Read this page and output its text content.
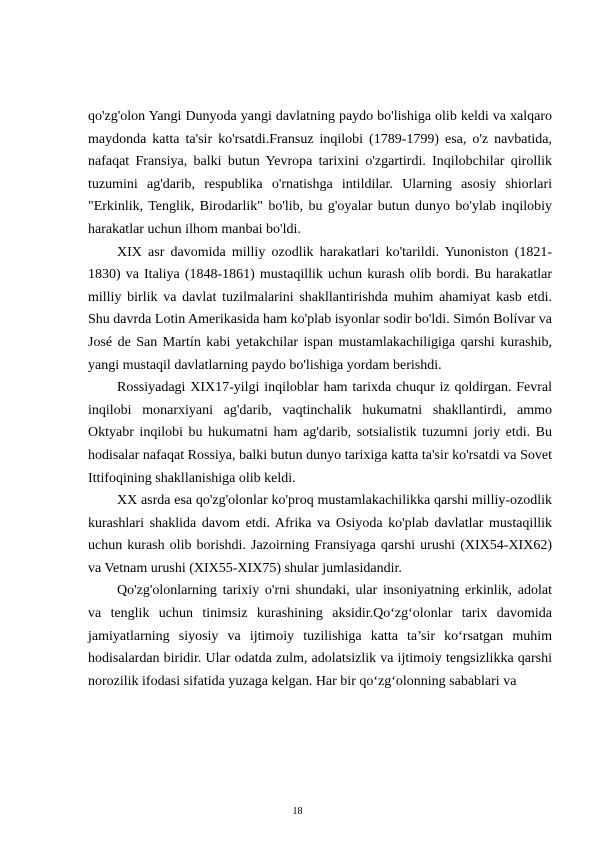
qo'zg'olon Yangi Dunyoda yangi davlatning paydo bo'lishiga olib keldi va xalqaro maydonda katta ta'sir ko'rsatdi.Fransuz inqilobi (1789-1799) esa, o'z navbatida, nafaqat Fransiya, balki butun Yevropa tarixini o'zgartirdi. Inqilobchilar qirollik tuzumini ag'darib, respublika o'rnatishga intildilar. Ularning asosiy shiorlari "Erkinlik, Tenglik, Birodarlik" bo'lib, bu g'oyalar butun dunyo bo'ylab inqilobiy harakatlar uchun ilhom manbai bo'ldi.

XIX asr davomida milliy ozodlik harakatlari ko'tarildi. Yunoniston (1821-1830) va Italiya (1848-1861) mustaqillik uchun kurash olib bordi. Bu harakatlar milliy birlik va davlat tuzilmalarini shakllantirishda muhim ahamiyat kasb etdi. Shu davrda Lotin Amerikasida ham ko'plab isyonlar sodir bo'ldi. Simón Bolívar va José de San Martín kabi yetakchilar ispan mustamlakachiligiga qarshi kurashib, yangi mustaqil davlatlarning paydo bo'lishiga yordam berishdi.

Rossiyadagi XIX17-yilgi inqiloblar ham tarixda chuqur iz qoldirgan. Fevral inqilobi monarxiyani ag'darib, vaqtinchalik hukumatni shakllantirdi, ammo Oktyabr inqilobi bu hukumatni ham ag'darib, sotsialistik tuzumni joriy etdi. Bu hodisalar nafaqat Rossiya, balki butun dunyo tarixiga katta ta'sir ko'rsatdi va Sovet Ittifoqining shakllanishiga olib keldi.

XX asrda esa qo'zg'olonlar ko'proq mustamlakachilikka qarshi milliy-ozodlik kurashlari shaklida davom etdi. Afrika va Osiyoda ko'plab davlatlar mustaqillik uchun kurash olib borishdi. Jazoirning Fransiyaga qarshi urushi (XIX54-XIX62) va Vetnam urushi (XIX55-XIX75) shular jumlasidandir.

Qo'zg'olonlarning tarixiy o'rni shundaki, ular insoniyatning erkinlik, adolat va tenglik uchun tinimsiz kurashining aksidir.Qo‘zg‘olonlar tarix davomida jamiyatlarning siyosiy va ijtimoiy tuzilishiga katta ta’sir ko‘rsatgan muhim hodisalardan biridir. Ular odatda zulm, adolatsizlik va ijtimoiy tengsizlikka qarshi norozilik ifodasi sifatida yuzaga kelgan. Har bir qo‘zg‘olonning sabablari va

18
